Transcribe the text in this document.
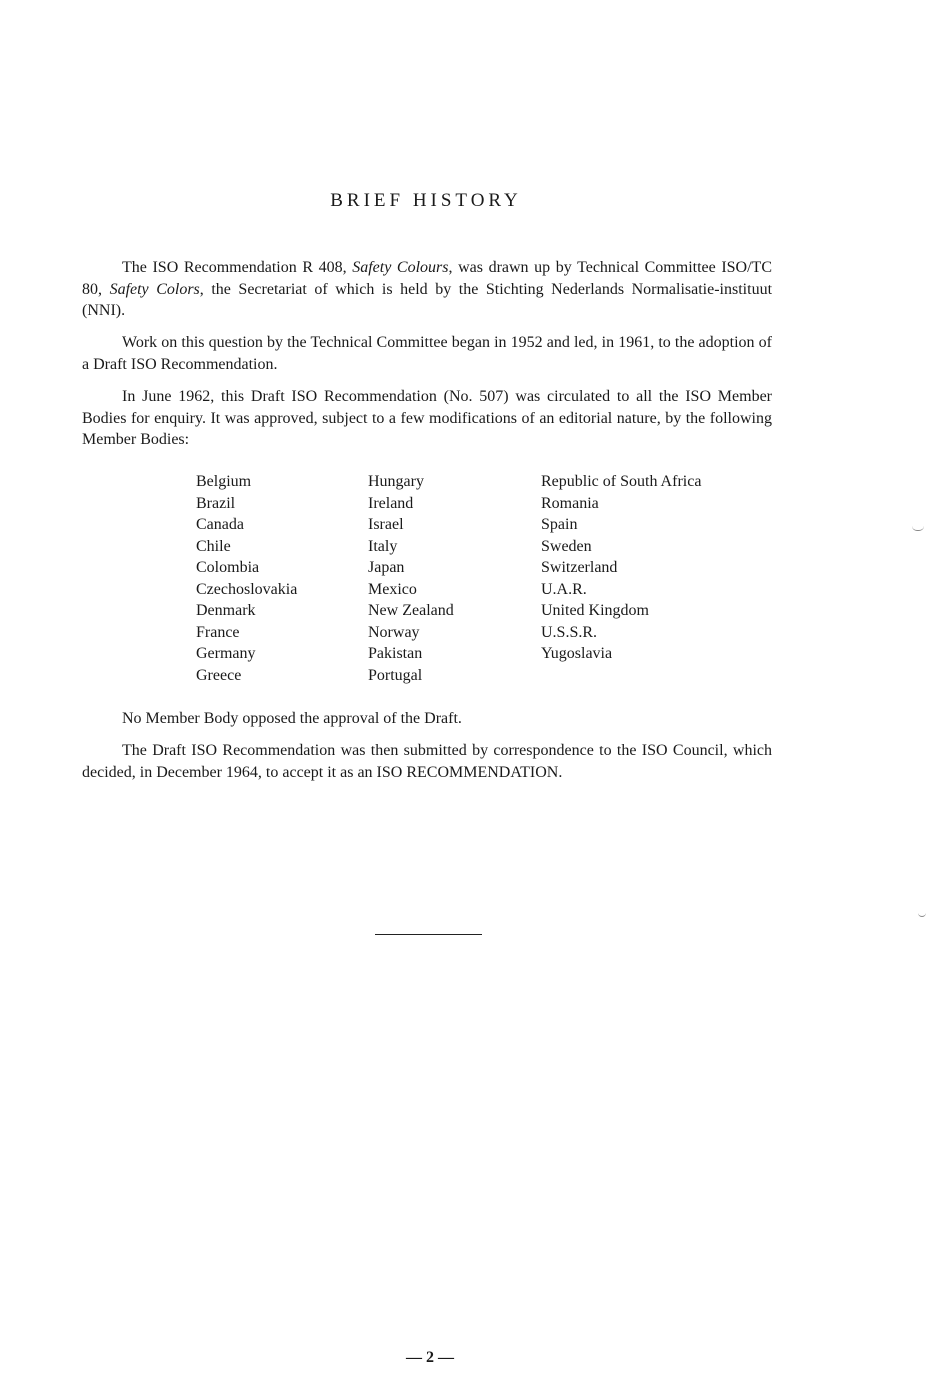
BRIEF HISTORY

The ISO Recommendation R 408, Safety Colours, was drawn up by Technical Committee ISO/TC 80, Safety Colors, the Secretariat of which is held by the Stichting Nederlands Normalisatie-instituut (NNI).

Work on this question by the Technical Committee began in 1952 and led, in 1961, to the adoption of a Draft ISO Recommendation.

In June 1962, this Draft ISO Recommendation (No. 507) was circulated to all the ISO Member Bodies for enquiry. It was approved, subject to a few modifications of an editorial nature, by the following Member Bodies:

Belgium
Brazil
Canada
Chile
Colombia
Czechoslovakia
Denmark
France
Germany
Greece
Hungary
Ireland
Israel
Italy
Japan
Mexico
New Zealand
Norway
Pakistan
Portugal
Republic of South Africa
Romania
Spain
Sweden
Switzerland
U.A.R.
United Kingdom
U.S.S.R.
Yugoslavia

No Member Body opposed the approval of the Draft.

The Draft ISO Recommendation was then submitted by correspondence to the ISO Council, which decided, in December 1964, to accept it as an ISO RECOMMENDATION.

— 2 —
